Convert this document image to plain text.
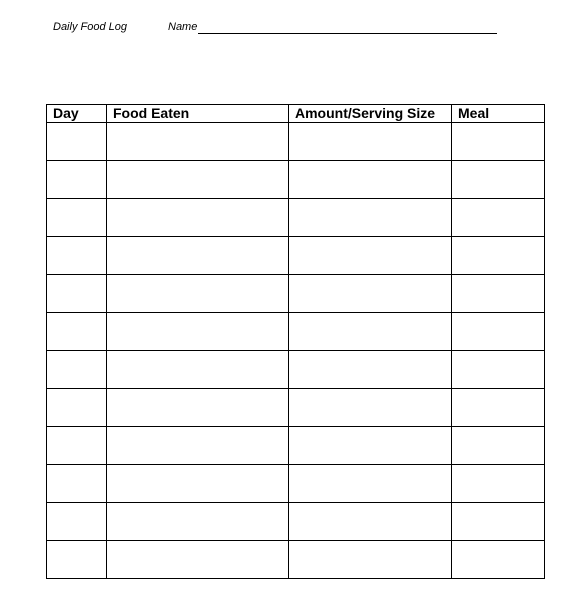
Daily Food Log	Name
Day	Food Eaten	Amount/Serving Size	Meal
